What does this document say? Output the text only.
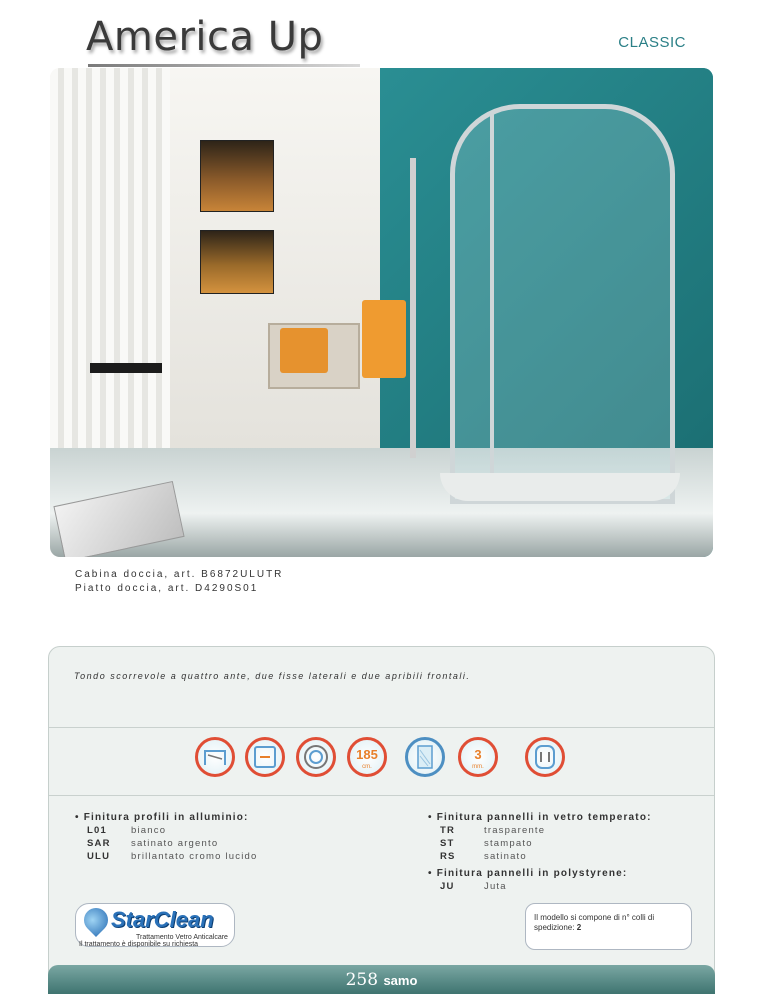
America Up	CLASSIC
Cabina doccia, art. B6872ULUTR
Piatto doccia, art. D4290S01
Tondo scorrevole a quattro ante, due fisse laterali e due apribili frontali.
185
cm.
3
mm.
• Finitura profili in alluminio:
L01	bianco
SAR	satinato argento
ULU	brillantato cromo lucido
• Finitura pannelli in vetro temperato:
TR	trasparente
ST	stampato
RS	satinato
• Finitura pannelli in polystyrene:
JU	Juta
StarClean
Trattamento Vetro Anticalcare
Il trattamento è disponibile su richiesta
Il modello si compone di n° colli di spedizione: 2
258 samo
